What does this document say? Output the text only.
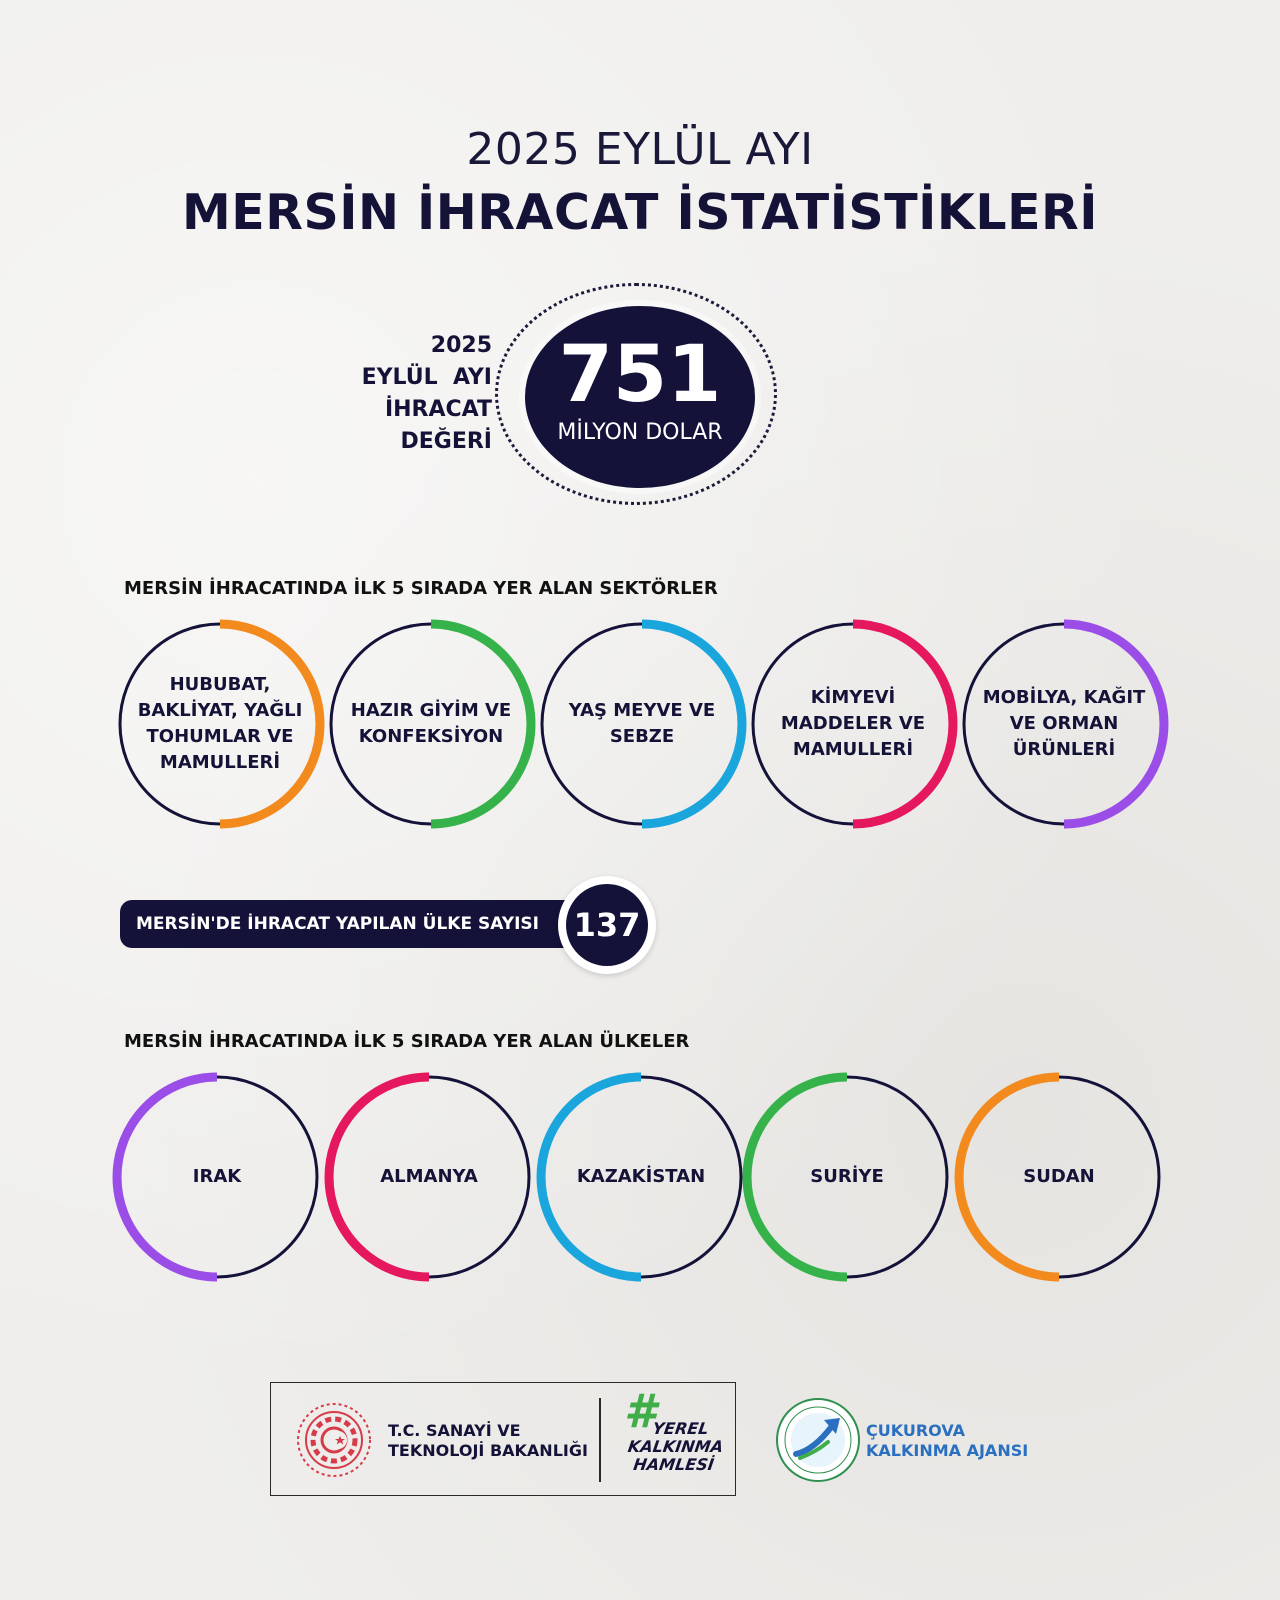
2025 EYLÜL AYI
MERSİN İHRACAT İSTATİSTİKLERİ
2025
EYLÜL  AYI
İHRACAT
DEĞERİ
751
MİLYON DOLAR
MERSİN İHRACATINDA İLK 5 SIRADA YER ALAN SEKTÖRLER
HUBUBAT, BAKLİYAT, YAĞLI TOHUMLAR VE MAMULLERİ
HAZIR GİYİM VE KONFEKSİYON
YAŞ MEYVE VE SEBZE
KİMYEVİ MADDELER VE MAMULLERİ
MOBİLYA, KAĞIT VE ORMAN ÜRÜNLERİ
MERSİN'DE İHRACAT YAPILAN ÜLKE SAYISI 137
MERSİN İHRACATINDA İLK 5 SIRADA YER ALAN ÜLKELER
IRAK	ALMANYA	KAZAKİSTAN	SURİYE	SUDAN
T.C. SANAYİ VE
TEKNOLOJİ BAKANLIĞI
#
YEREL
KALKINMA
HAMLESİ
ÇUKUROVA
KALKINMA AJANSI
